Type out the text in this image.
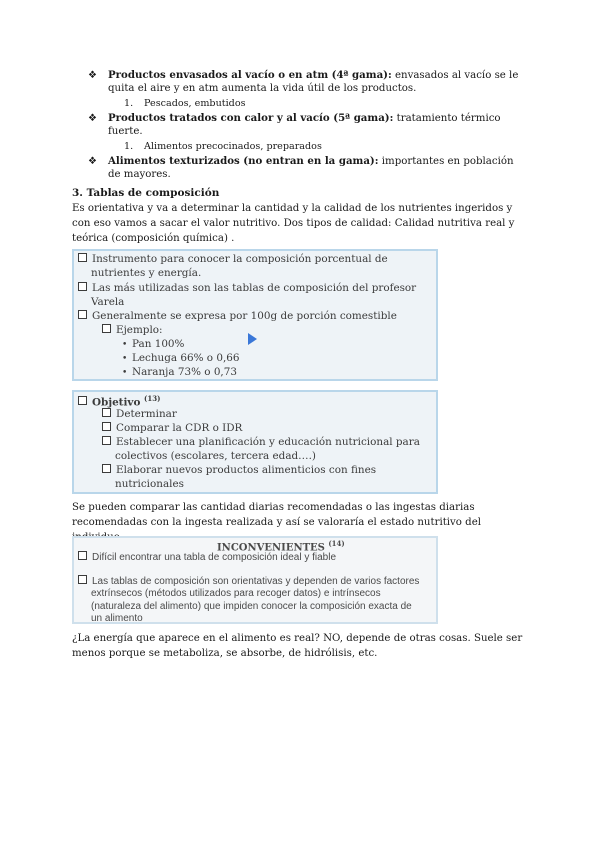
❖	Productos envasados al vacío o en atm (4ª gama): envasados al vacío se le quita el aire y en atm aumenta la vida útil de los productos.
1. Pescados, embutidos
❖	Productos tratados con calor y al vacío (5ª gama): tratamiento térmico fuerte.
1. Alimentos precocinados, preparados
❖	Alimentos texturizados (no entran en la gama): importantes en población de mayores.
3. Tablas de composición
Es orientativa y va a determinar la cantidad y la calidad de los nutrientes ingeridos y con eso vamos a sacar el valor nutritivo. Dos tipos de calidad: Calidad nutritiva real y teórica (composición química) .
Instrumento para conocer la composición porcentual de
nutrientes y energía.
Las más utilizadas son las tablas de composición del profesor
Varela
Generalmente se expresa por 100g de porción comestible
Ejemplo:
• Pan 100%
• Lechuga 66% o 0,66
• Naranja 73% o 0,73
Objetivo $^{(13)}$
Determinar
Comparar la CDR o IDR
Establecer una planificación y educación nutricional para
colectivos (escolares, tercera edad….)
Elaborar nuevos productos alimenticios con fines
nutricionales
Se pueden comparar las cantidad diarias recomendadas o las ingestas diarias recomendadas con la ingesta realizada y así se valoraría el estado nutritivo del
INCONVENIENTES $^{(14)}$
Difícil encontrar una tabla de composición ideal y fiable
Las tablas de composición son orientativas y dependen de varios factores
extrínsecos (métodos utilizados para recoger datos) e intrínsecos
(naturaleza del alimento) que impiden conocer la composición exacta de
un alimento
¿La energía que aparece en el alimento es real? NO, depende de otras cosas. Suele ser menos porque se metaboliza, se absorbe, de hidrólisis, etc.
